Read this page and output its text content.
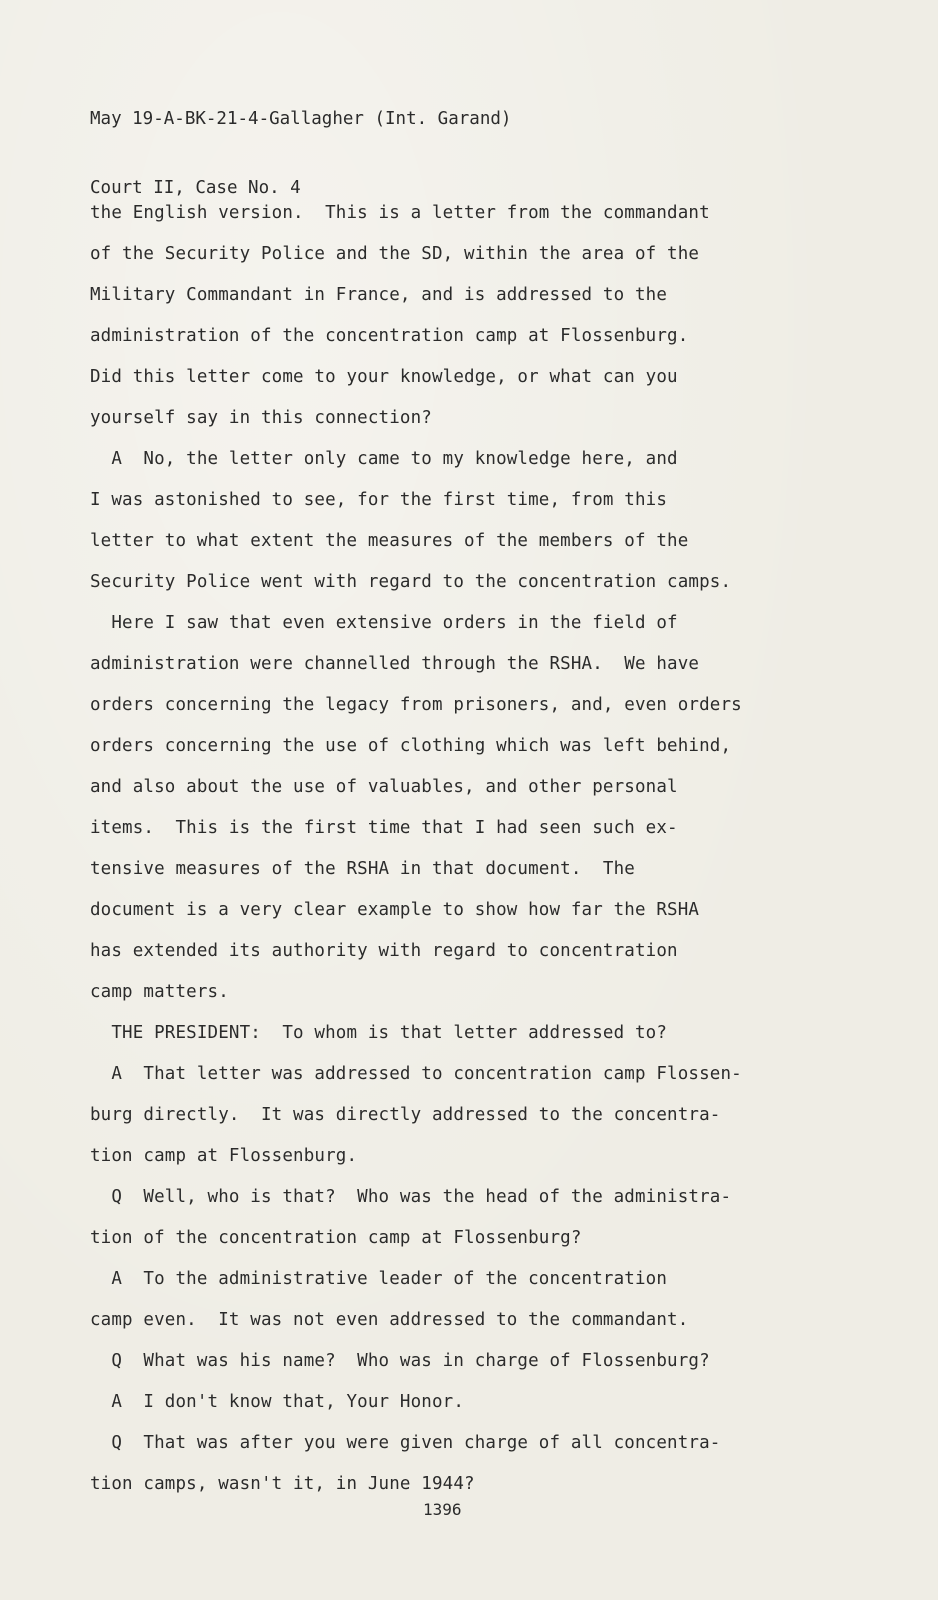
May 19-A-BK-21-4-Gallagher (Int. Garand)

Court II, Case No. 4

the English version.  This is a letter from the commandant
of the Security Police and the SD, within the area of the
Military Commandant in France, and is addressed to the
administration of the concentration camp at Flossenburg.
Did this letter come to your knowledge, or what can you
yourself say in this connection?
A  No, the letter only came to my knowledge here, and
I was astonished to see, for the first time, from this
letter to what extent the measures of the members of the
Security Police went with regard to the concentration camps.
Here I saw that even extensive orders in the field of
administration were channelled through the RSHA.  We have
orders concerning the legacy from prisoners, and, even orders
orders concerning the use of clothing which was left behind,
and also about the use of valuables, and other personal
items.  This is the first time that I had seen such ex-
tensive measures of the RSHA in that document.  The
document is a very clear example to show how far the RSHA
has extended its authority with regard to concentration
camp matters.
THE PRESIDENT:  To whom is that letter addressed to?
A  That letter was addressed to concentration camp Flossen-
burg directly.  It was directly addressed to the concentra-
tion camp at Flossenburg.
Q  Well, who is that?  Who was the head of the administra-
tion of the concentration camp at Flossenburg?
A  To the administrative leader of the concentration
camp even.  It was not even addressed to the commandant.
Q  What was his name?  Who was in charge of Flossenburg?
A  I don't know that, Your Honor.
Q  That was after you were given charge of all concentra-
tion camps, wasn't it, in June 1944?
1396
